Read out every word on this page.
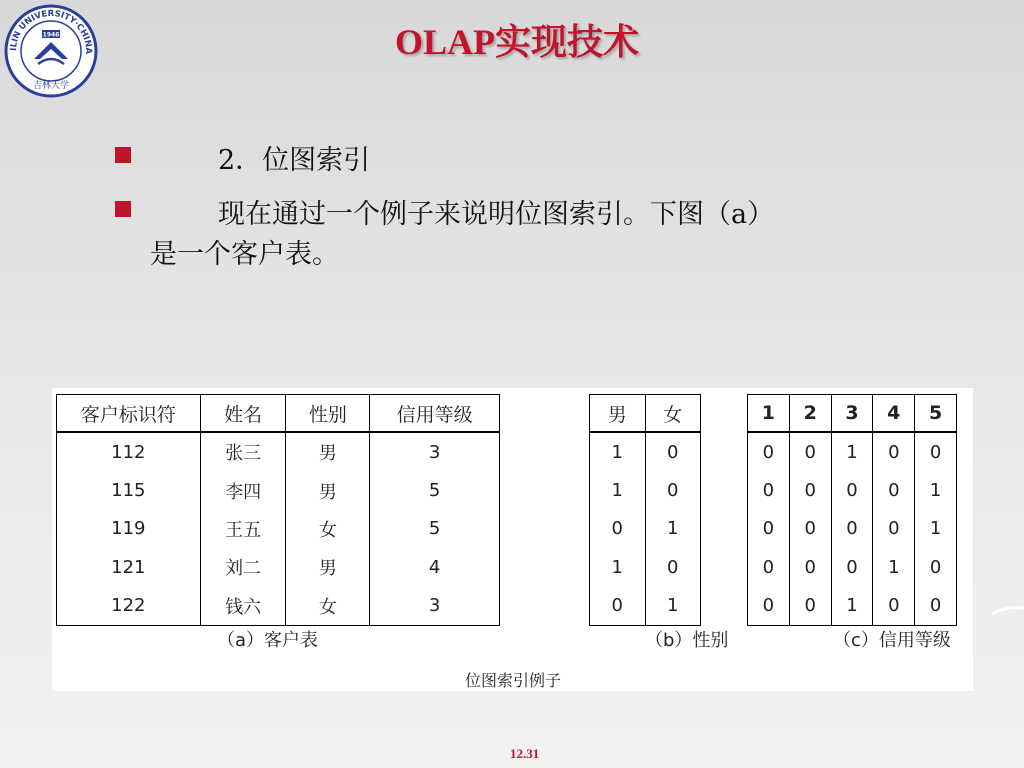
ILIN UNIVERSITY·CHINA
1946
吉林大学
OLAP实现技术
2．位图索引
现在通过一个例子来说明位图索引。下图（a）
是一个客户表。
客户标识符	姓名	性别	信用等级
112	张三	男	3
115	李四	男	5
119	王五	女	5
121	刘二	男	4
122	钱六	女	3
（a）客户表
男	女
1	0
1	0
0	1
1	0
0	1
（b）性别
1	2	3	4	5
0	0	1	0	0
0	0	0	0	1
0	0	0	0	1
0	0	0	1	0
0	0	1	0	0
（c）信用等级
位图索引例子
12.31
